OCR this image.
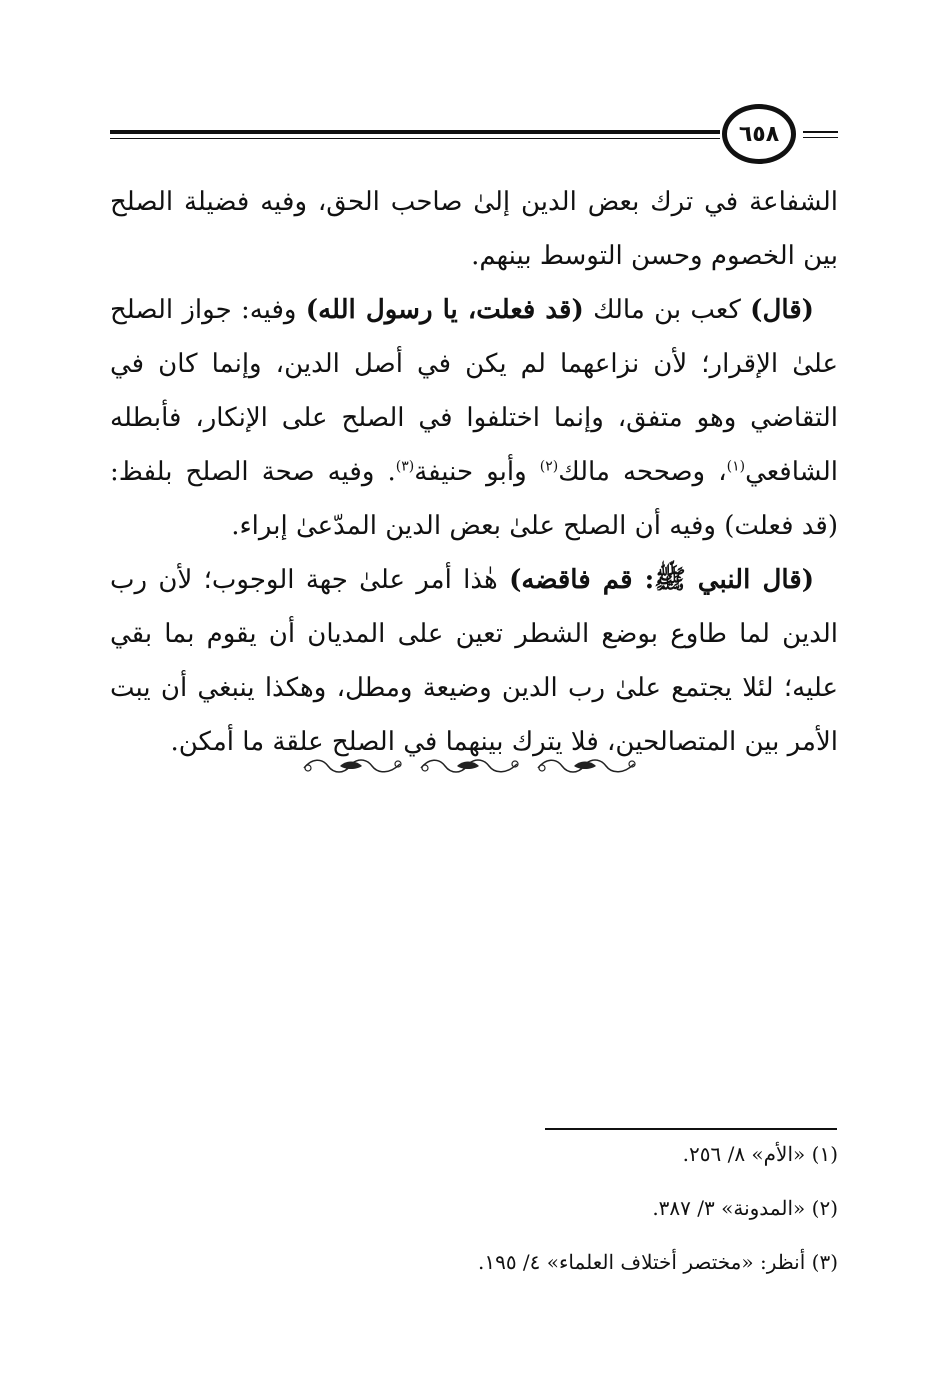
٦٥٨

الشفاعة في ترك بعض الدين إلىٰ صاحب الحق، وفيه فضيلة الصلح بين الخصوم وحسن التوسط بينهم.

(قال) كعب بن مالك (قد فعلت، يا رسول الله) وفيه: جواز الصلح علىٰ الإقرار؛ لأن نزاعهما لم يكن في أصل الدين، وإنما كان في التقاضي وهو متفق، وإنما اختلفوا في الصلح على الإنكار، فأبطله الشافعي$^{(١)}$، وصححه مالك$^{(٢)}$ وأبو حنيفة$^{(٣)}$. وفيه صحة الصلح بلفظ: (قد فعلت) وفيه أن الصلح علىٰ بعض الدين المدّعىٰ إبراء.

(قال النبي ﷺ: قم فاقضه) هٰذا أمر علىٰ جهة الوجوب؛ لأن رب الدين لما طاوع بوضع الشطر تعين على المديان أن يقوم بما بقي عليه؛ لئلا يجتمع علىٰ رب الدين وضيعة ومطل، وهكذا ينبغي أن يبت الأمر بين المتصالحين، فلا يترك بينهما في الصلح علقة ما أمكن.

(١) «الأم» ٨/ ٢٥٦.
(٢) «المدونة» ٣/ ٣٨٧.
(٣) أنظر: «مختصر أختلاف العلماء» ٤/ ١٩٥.
